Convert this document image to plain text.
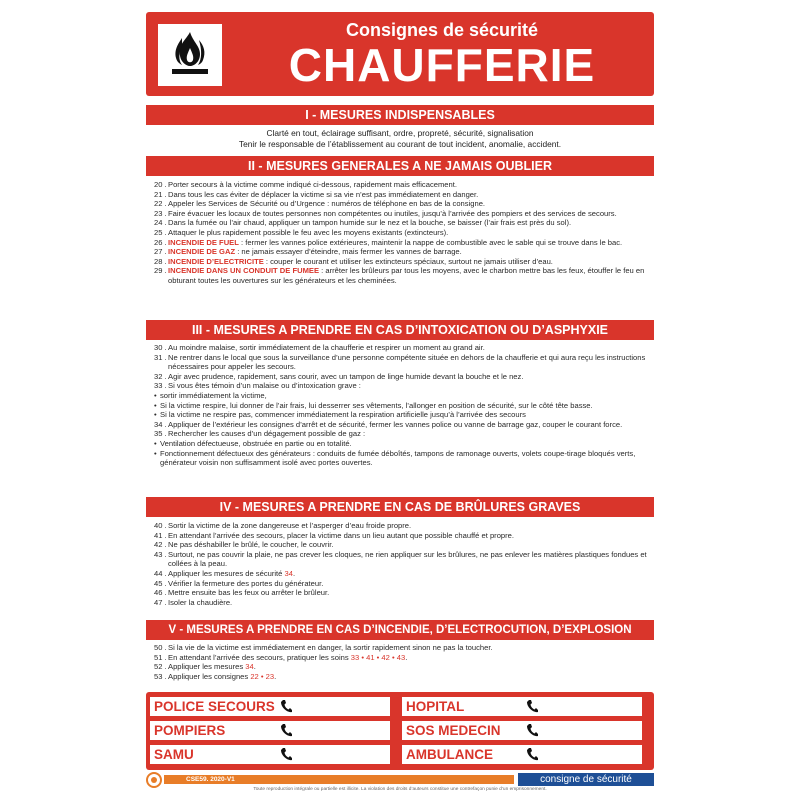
Consignes de sécurité
CHAUFFERIE
I - MESURES INDISPENSABLES
Clarté en tout, éclairage suffisant, ordre, propreté, sécurité, signalisation
Tenir le responsable de l’établissement au courant de tout incident, anomalie, accident.
II - MESURES GENERALES A NE JAMAIS OUBLIER
20 . Porter secours à la victime comme indiqué ci-dessous, rapidement mais efficacement.
21 . Dans tous les cas éviter de déplacer la victime si sa vie n’est pas immédiatement en danger.
22 . Appeler les Services de Sécurité ou d’Urgence : numéros de téléphone en bas de la consigne.
23 . Faire évacuer les locaux de toutes personnes non compétentes ou inutiles, jusqu’à l’arrivée des pompiers et des services de secours.
24 . Dans la fumée ou l’air chaud, appliquer un tampon humide sur le nez et la bouche, se baisser (l’air frais est près du sol).
25 . Attaquer le plus rapidement possible le feu avec les moyens existants (extincteurs).
26 . INCENDIE DE FUEL : fermer les vannes police extérieures, maintenir la nappe de combustible avec le sable qui se trouve dans le bac.
27 . INCENDIE DE GAZ : ne jamais essayer d’éteindre, mais fermer les vannes de barrage.
28 . INCENDIE D’ELECTRICITE : couper le courant et utiliser les extincteurs spéciaux, surtout ne jamais utiliser d’eau.
29 . INCENDIE DANS UN CONDUIT DE FUMEE : arrêter les brûleurs par tous les moyens, avec le charbon mettre bas les feux, étouffer le feu en obturant toutes les ouvertures sur les générateurs et les cheminées.
III - MESURES A PRENDRE EN CAS D’INTOXICATION OU D’ASPHYXIE
30 . Au moindre malaise, sortir immédiatement de la chaufferie et respirer un moment au grand air.
31 . Ne rentrer dans le local que sous la surveillance d’une personne compétente située en dehors de la chaufferie et qui aura reçu les instructions nécessaires pour appeler les secours.
32 . Agir avec prudence, rapidement, sans courir, avec un tampon de linge humide devant la bouche et le nez.
33 . Si vous êtes témoin d’un malaise ou d’intoxication grave :
• sortir immédiatement la victime,
• Si la victime respire, lui donner de l’air frais, lui desserrer ses vêtements, l’allonger en position de sécurité, sur le côté tête basse.
• Si la victime ne respire pas, commencer immédiatement la respiration artificielle jusqu’à l’arrivée des secours
34 . Appliquer de l’extérieur les consignes d’arrêt et de sécurité, fermer les vannes police ou vanne de barrage gaz, couper le courant force.
35 . Rechercher les causes d’un dégagement possible de gaz :
• Ventilation défectueuse, obstruée en partie ou en totalité.
• Fonctionnement défectueux des générateurs : conduits de fumée déboîtés, tampons de ramonage ouverts, volets coupe-tirage bloqués verts, générateur voisin non suffisamment isolé avec portes ouvertes.
IV - MESURES A PRENDRE EN CAS DE BRÛLURES GRAVES
40 . Sortir la victime de la zone dangereuse et l’asperger d’eau froide propre.
41 . En attendant l’arrivée des secours, placer la victime dans un lieu autant que possible chauffé et propre.
42 . Ne pas déshabiller le brûlé, le coucher, le couvrir.
43 . Surtout, ne pas couvrir la plaie, ne pas crever les cloques, ne rien appliquer sur les brûlures, ne pas enlever les matières plastiques fondues et collées à la peau.
44 . Appliquer les mesures de sécurité 34.
45 . Vérifier la fermeture des portes du générateur.
46 . Mettre ensuite bas les feux ou arrêter le brûleur.
47 . Isoler la chaudière.
V - MESURES A PRENDRE EN CAS D’INCENDIE, D’ELECTROCUTION, D’EXPLOSION
50 . Si la vie de la victime est immédiatement en danger, la sortir rapidement sinon ne pas la toucher.
51 . En attendant l’arrivée des secours, pratiquer les soins 33 • 41 • 42 • 43.
52 . Appliquer les mesures 34.
53 . Appliquer les consignes 22 • 23.
POLICE SECOURS	HOPITAL
POMPIERS	SOS MEDECIN
SAMU	AMBULANCE
CSE59. 2020-V1	consigne de sécurité
Toute reproduction intégrale ou partielle est illicite. La violation des droits d’auteurs constitue une contrefaçon punie d’un emprisonnement.
